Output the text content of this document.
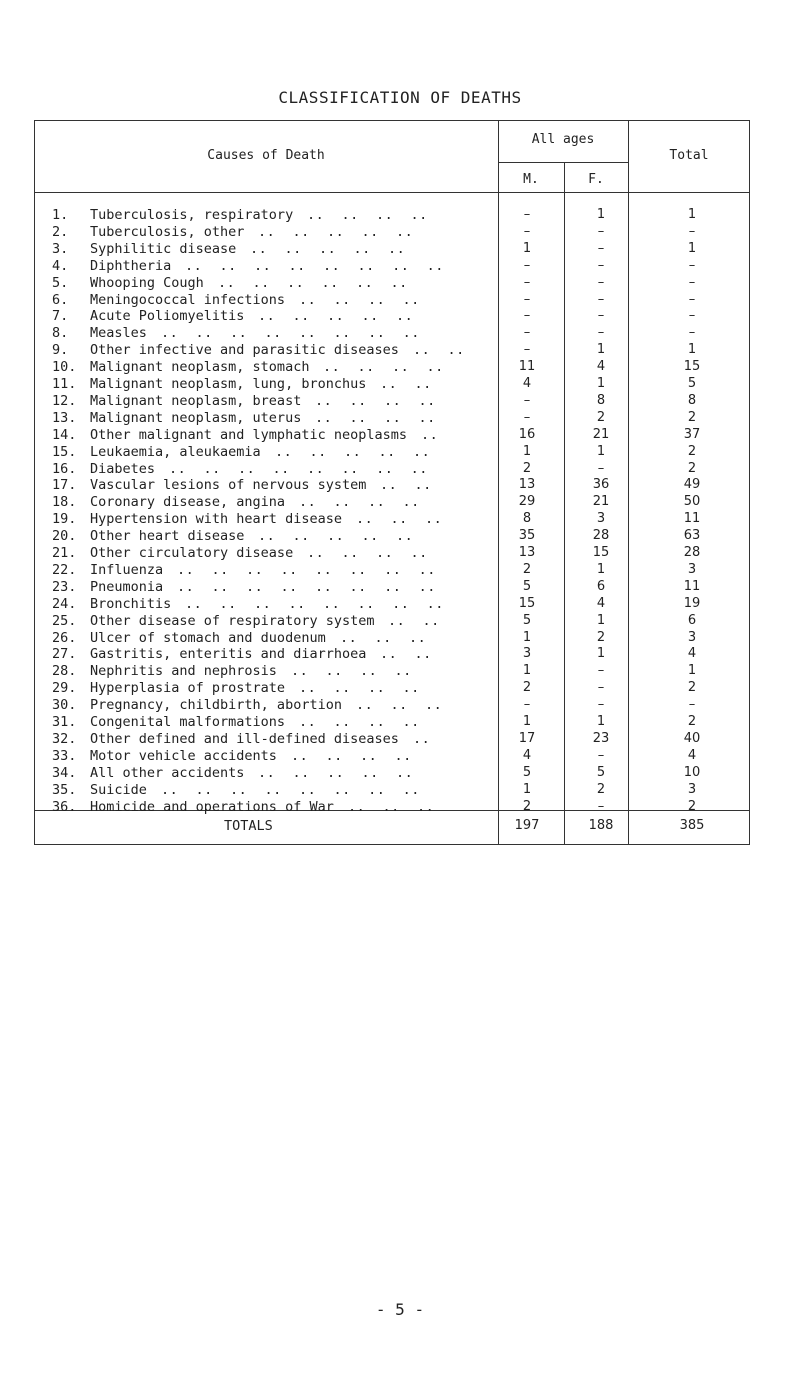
CLASSIFICATION OF DEATHS
Causes of Death
All ages
M.	F.
Total
1. Tuberculosis, respiratory ..  ..  ..  ..	–	1	1
2. Tuberculosis, other ..  ..  ..  ..  ..	–	–	–
3. Syphilitic disease ..  ..  ..  ..  ..	1	–	1
4. Diphtheria ..  ..  ..  ..  ..  ..  ..  ..	–	–	–
5. Whooping Cough ..  ..  ..  ..  ..  ..	–	–	–
6. Meningococcal infections ..  ..  ..  ..	–	–	–
7. Acute Poliomyelitis ..  ..  ..  ..  ..	–	–	–
8. Measles ..  ..  ..  ..  ..  ..  ..  ..	–	–	–
9. Other infective and parasitic diseases ..  ..	–	1	1
10. Malignant neoplasm, stomach ..  ..  ..  ..	11	4	15
11. Malignant neoplasm, lung, bronchus ..  ..	4	1	5
12. Malignant neoplasm, breast ..  ..  ..  ..	–	8	8
13. Malignant neoplasm, uterus ..  ..  ..  ..	–	2	2
14. Other malignant and lymphatic neoplasms ..	16	21	37
15. Leukaemia, aleukaemia ..  ..  ..  ..  ..	1	1	2
16. Diabetes ..  ..  ..  ..  ..  ..  ..  ..	2	–	2
17. Vascular lesions of nervous system ..  ..	13	36	49
18. Coronary disease, angina ..  ..  ..  ..	29	21	50
19. Hypertension with heart disease ..  ..  ..	8	3	11
20. Other heart disease ..  ..  ..  ..  ..	35	28	63
21. Other circulatory disease ..  ..  ..  ..	13	15	28
22. Influenza ..  ..  ..  ..  ..  ..  ..  ..	2	1	3
23. Pneumonia ..  ..  ..  ..  ..  ..  ..  ..	5	6	11
24. Bronchitis ..  ..  ..  ..  ..  ..  ..  ..	15	4	19
25. Other disease of respiratory system ..  ..	5	1	6
26. Ulcer of stomach and duodenum ..  ..  ..	1	2	3
27. Gastritis, enteritis and diarrhoea ..  ..	3	1	4
28. Nephritis and nephrosis ..  ..  ..  ..	1	–	1
29. Hyperplasia of prostrate ..  ..  ..  ..	2	–	2
30. Pregnancy, childbirth, abortion ..  ..  ..	–	–	–
31. Congenital malformations ..  ..  ..  ..	1	1	2
32. Other defined and ill-defined diseases ..	17	23	40
33. Motor vehicle accidents ..  ..  ..  ..	4	–	4
34. All other accidents ..  ..  ..  ..  ..	5	5	10
35. Suicide ..  ..  ..  ..  ..  ..  ..  ..	1	2	3
36. Homicide and operations of War ..  ..  ..	2	–	2
TOTALS	197	188	385
- 5 -
